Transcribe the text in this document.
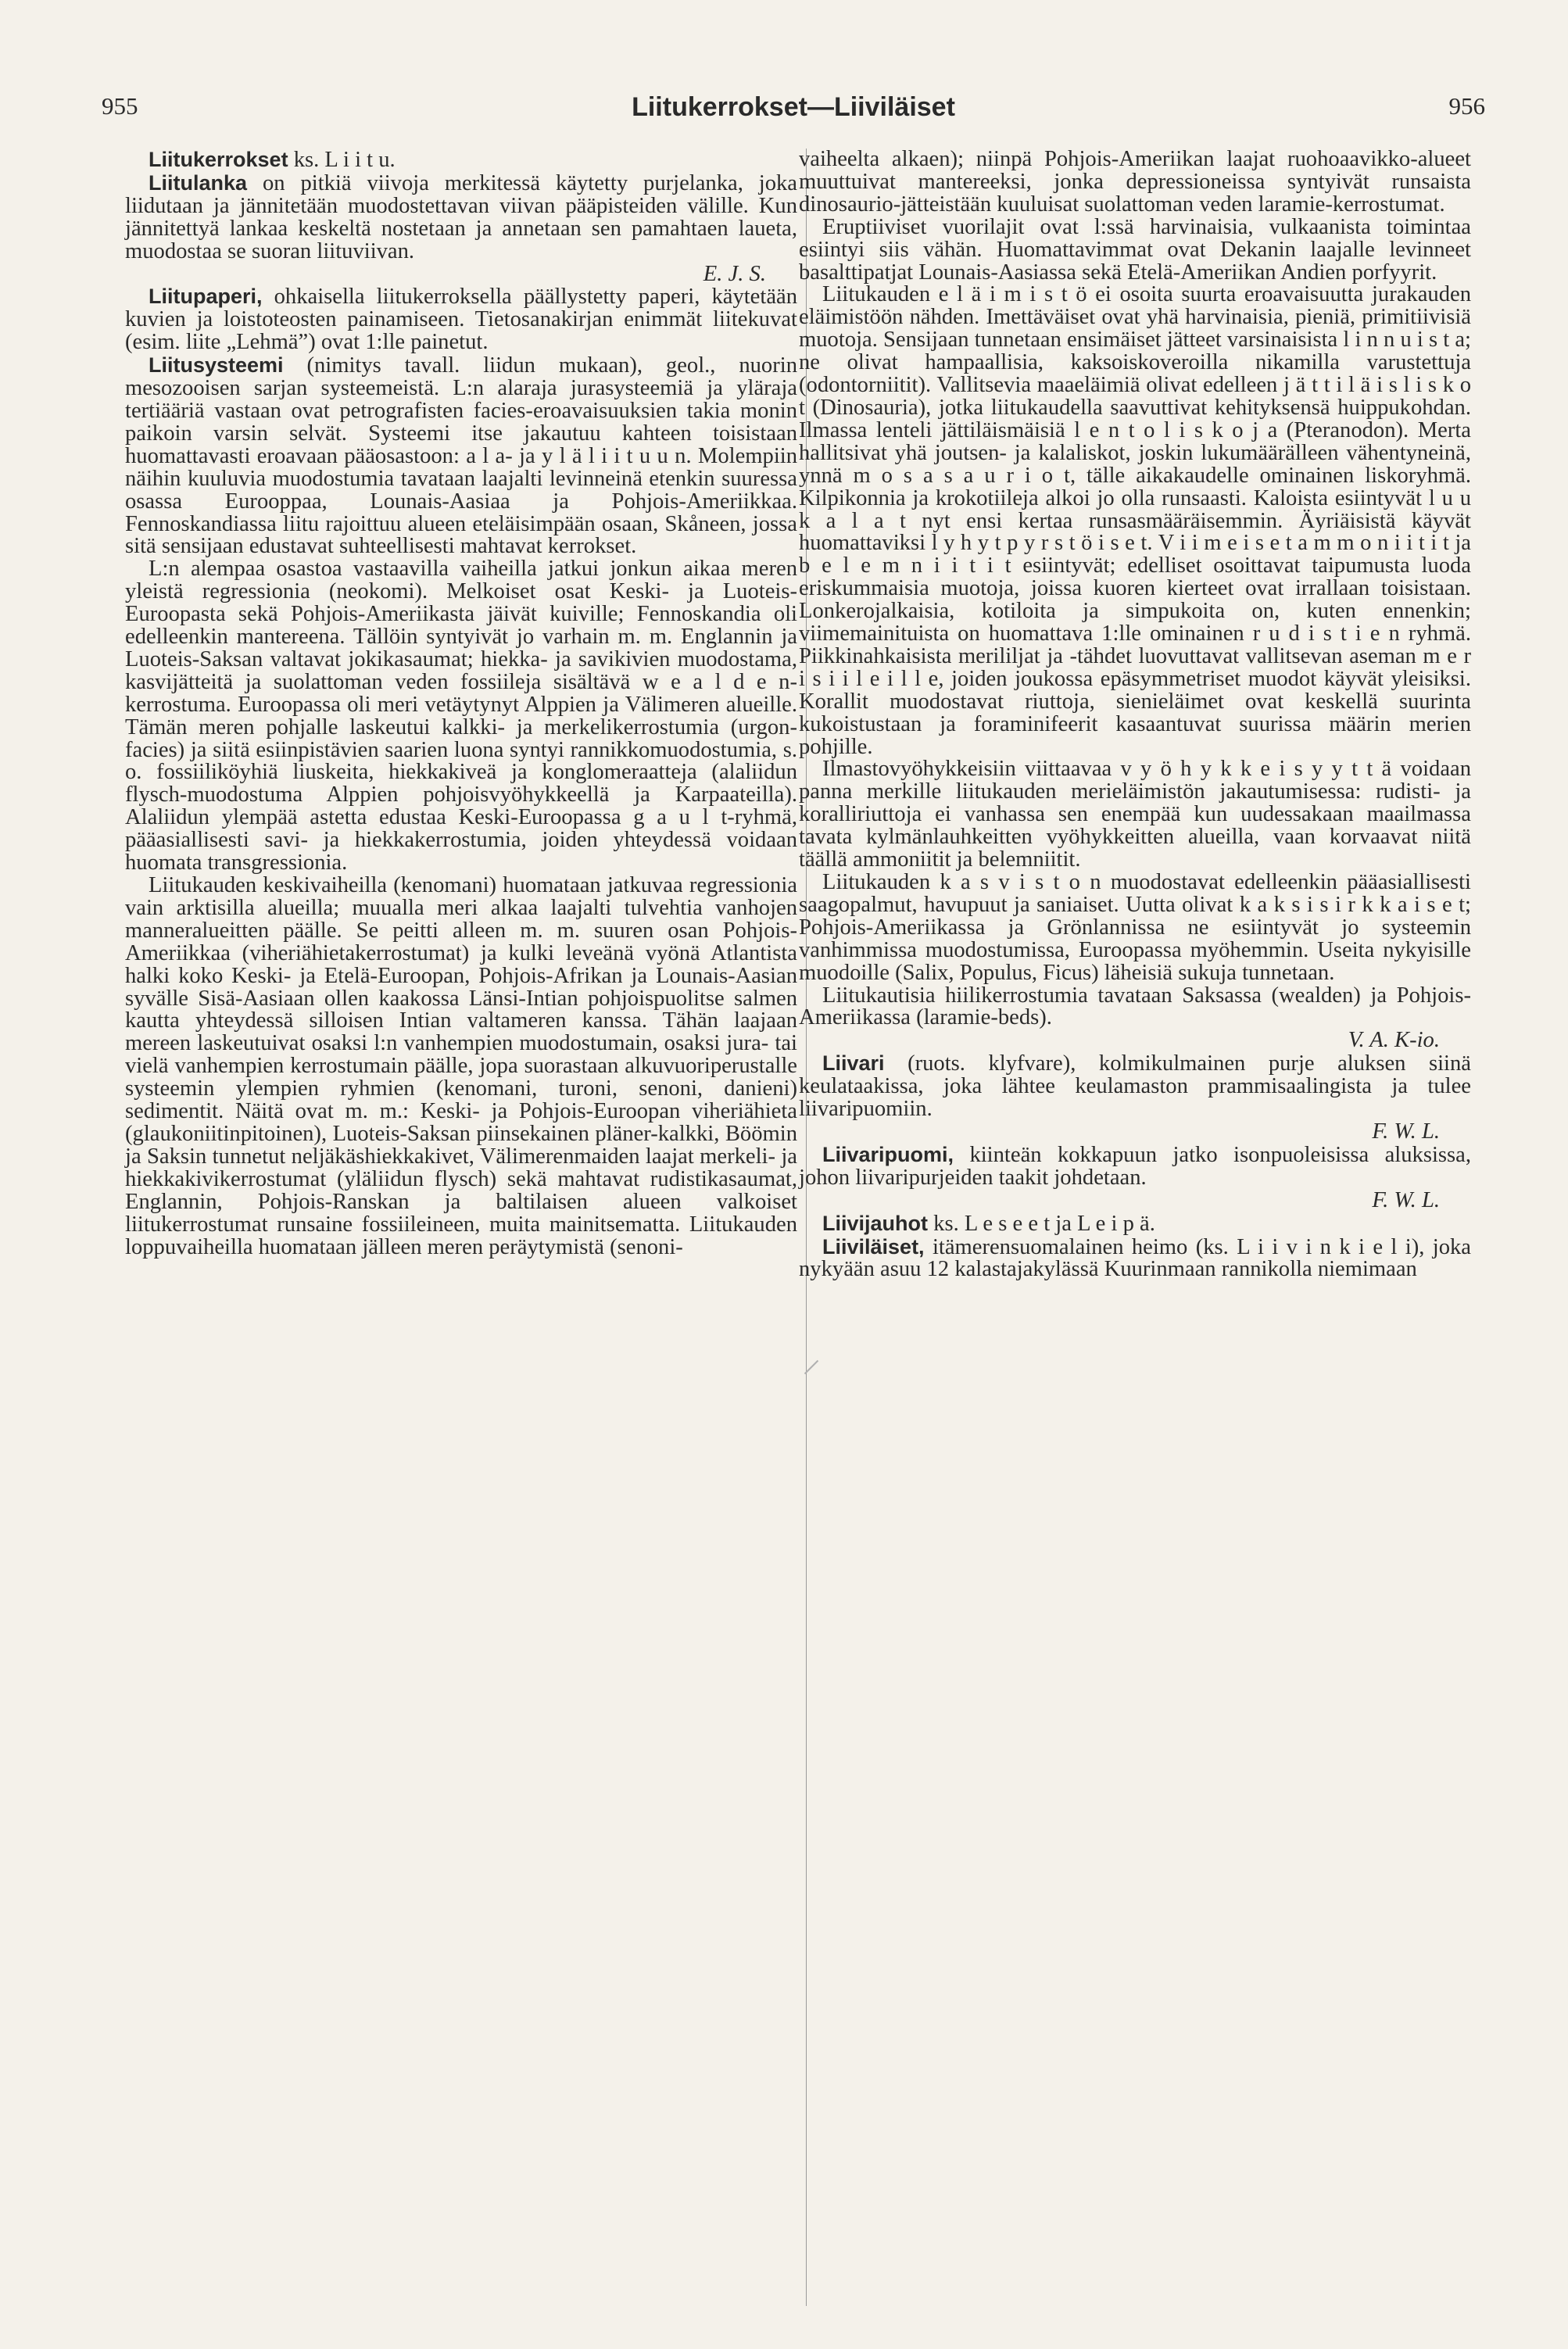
955	Liitukerrokset—Liiviläiset	956

Liitukerrokset ks. L i i t u.

Liitulanka on pitkiä viivoja merkitessä käytetty purjelanka, joka liidutaan ja jännitetään muodostettavan viivan pääpisteiden välille. Kun jännitettyä lankaa keskeltä nostetaan ja annetaan sen pamahtaen laueta, muodostaa se suoran liituviivan.
E. J. S.

Liitupaperi, ohkaisella liitukerroksella päällystetty paperi, käytetään kuvien ja loistoteosten painamiseen. Tietosanakirjan enimmät liitekuvat (esim. liite „Lehmä”) ovat 1:lle painetut.

Liitusysteemi (nimitys tavall. liidun mukaan), geol., nuorin mesozooisen sarjan systeemeistä. L:n alaraja jurasysteemiä ja yläraja tertiääriä vastaan ovat petrografisten facies-eroavaisuuksien takia monin paikoin varsin selvät. Systeemi itse jakautuu kahteen toisistaan huomattavasti eroavaan pääosastoon: a l a- ja y l ä l i i t u u n. Molempiin näihin kuuluvia muodostumia tavataan laajalti levinneinä etenkin suuressa osassa Eurooppaa, Lounais-Aasiaa ja Pohjois-Ameriikkaa. Fennoskandiassa liitu rajoittuu alueen eteläisimpään osaan, Skåneen, jossa sitä sensijaan edustavat suhteellisesti mahtavat kerrokset.

L:n alempaa osastoa vastaavilla vaiheilla jatkui jonkun aikaa meren yleistä regressionia (neokomi). Melkoiset osat Keski- ja Luoteis-Euroopasta sekä Pohjois-Ameriikasta jäivät kuiville; Fennoskandia oli edelleenkin mantereena. Tällöin syntyivät jo varhain m. m. Englannin ja Luoteis-Saksan valtavat jokikasaumat; hiekka- ja savikivien muodostama, kasvijätteitä ja suolattoman veden fossiileja sisältävä w e a l d e n-kerrostuma. Euroopassa oli meri vetäytynyt Alppien ja Välimeren alueille. Tämän meren pohjalle laskeutui kalkki- ja merkelikerrostumia (urgon-facies) ja siitä esiinpistävien saarien luona syntyi rannikkomuodostumia, s. o. fossiiliköyhiä liuskeita, hiekkakiveä ja konglomeraatteja (alaliidun flysch-muodostuma Alppien pohjoisvyöhykkeellä ja Karpaateilla). Alaliidun ylempää astetta edustaa Keski-Euroopassa g a u l t-ryhmä, pääasiallisesti savi- ja hiekkakerrostumia, joiden yhteydessä voidaan huomata transgressionia.

Liitukauden keskivaiheilla (kenomani) huomataan jatkuvaa regressionia vain arktisilla alueilla; muualla meri alkaa laajalti tulvehtia vanhojen manneralueitten päälle. Se peitti alleen m. m. suuren osan Pohjois-Ameriikkaa (viheriähietakerrostumat) ja kulki leveänä vyönä Atlantista halki koko Keski- ja Etelä-Euroopan, Pohjois-Afrikan ja Lounais-Aasian syvälle Sisä-Aasiaan ollen kaakossa Länsi-Intian pohjoispuolitse salmen kautta yhteydessä silloisen Intian valtameren kanssa. Tähän laajaan mereen laskeutuivat osaksi l:n vanhempien muodostumain, osaksi jura- tai vielä vanhempien kerrostumain päälle, jopa suorastaan alkuvuoriperustalle systeemin ylempien ryhmien (kenomani, turoni, senoni, danieni) sedimentit. Näitä ovat m. m.: Keski- ja Pohjois-Euroopan viheriähieta (glaukoniitinpitoinen), Luoteis-Saksan piinsekainen pläner-kalkki, Böömin ja Saksin tunnetut neljäkäshiekkakivet, Välimerenmaiden laajat merkeli- ja hiekkakivikerrostumat (yläliidun flysch) sekä mahtavat rudistikasaumat, Englannin, Pohjois-Ranskan ja baltilaisen alueen valkoiset liitukerrostumat runsaine fossiileineen, muita mainitsematta. Liitukauden loppuvaiheilla huomataan jälleen meren peräytymistä (senoni-

vaiheelta alkaen); niinpä Pohjois-Ameriikan laajat ruohoaavikko-alueet muuttuivat mantereeksi, jonka depressioneissa syntyivät runsaista dinosaurio-jätteistään kuuluisat suolattoman veden laramie-kerrostumat.

Eruptiiviset vuorilajit ovat l:ssä harvinaisia, vulkaanista toimintaa esiintyi siis vähän. Huomattavimmat ovat Dekanin laajalle levinneet basalttipatjat Lounais-Aasiassa sekä Etelä-Ameriikan Andien porfyyrit.

Liitukauden e l ä i m i s t ö ei osoita suurta eroavaisuutta jurakauden eläimistöön nähden. Imettäväiset ovat yhä harvinaisia, pieniä, primitiivisiä muotoja. Sensijaan tunnetaan ensimäiset jätteet varsinaisista l i n n u i s t a; ne olivat hampaallisia, kaksoiskoveroilla nikamilla varustettuja (odontorniitit). Vallitsevia maaeläimiä olivat edelleen j ä t t i l ä i s l i s k o t (Dinosauria), jotka liitukaudella saavuttivat kehityksensä huippukohdan. Ilmassa lenteli jättiläismäisiä l e n t o l i s k o j a (Pteranodon). Merta hallitsivat yhä joutsen- ja kalaliskot, joskin lukumäärälleen vähentyneinä, ynnä m o s a s a u r i o t, tälle aikakaudelle ominainen liskoryhmä. Kilpikonnia ja krokotiileja alkoi jo olla runsaasti. Kaloista esiintyvät l u u k a l a t nyt ensi kertaa runsasmääräisemmin. Äyriäisistä käyvät huomattaviksi l y h y t p y r s t ö i s e t. V i i m e i s e t a m m o n i i t i t ja b e l e m n i i t i t esiintyvät; edelliset osoittavat taipumusta luoda eriskummaisia muotoja, joissa kuoren kierteet ovat irrallaan toisistaan. Lonkerojalkaisia, kotiloita ja simpukoita on, kuten ennenkin; viimemainituista on huomattava 1:lle ominainen r u d i s t i e n ryhmä. Piikkinahkaisista merililjat ja -tähdet luovuttavat vallitsevan aseman m e r i s i i l e i l l e, joiden joukossa epäsymmetriset muodot käyvät yleisiksi. Korallit muodostavat riuttoja, sienieläimet ovat keskellä suurinta kukoistustaan ja foraminifeerit kasaantuvat suurissa määrin merien pohjille.

Ilmastovyöhykkeisiin viittaavaa v y ö h y k k e i s y y t t ä voidaan panna merkille liitukauden merieläimistön jakautumisessa: rudisti- ja koralliriuttoja ei vanhassa sen enempää kun uudessakaan maailmassa tavata kylmänlauhkeitten vyöhykkeitten alueilla, vaan korvaavat niitä täällä ammoniitit ja belemniitit.

Liitukauden k a s v i s t o n muodostavat edelleenkin pääasiallisesti saagopalmut, havupuut ja saniaiset. Uutta olivat k a k s i s i r k k a i s e t; Pohjois-Ameriikassa ja Grönlannissa ne esiintyvät jo systeemin vanhimmissa muodostumissa, Euroopassa myöhemmin. Useita nykyisille muodoille (Salix, Populus, Ficus) läheisiä sukuja tunnetaan.

Liitukautisia hiilikerrostumia tavataan Saksassa (wealden) ja Pohjois-Ameriikassa (laramie-beds).
V. A. K-io.

Liivari (ruots. klyfvare), kolmikulmainen purje aluksen siinä keulataakissa, joka lähtee keulamaston prammisaalingista ja tulee liivaripuomiin.
F. W. L.

Liivaripuomi, kiinteän kokkapuun jatko isonpuoleisissa aluksissa, johon liivaripurjeiden taakit johdetaan.
F. W. L.

Liivijauhot ks. L e s e e t ja L e i p ä.

Liiviläiset, itämerensuomalainen heimo (ks. L i i v i n k i e l i), joka nykyään asuu 12 kalastajakylässä Kuurinmaan rannikolla niemimaan
